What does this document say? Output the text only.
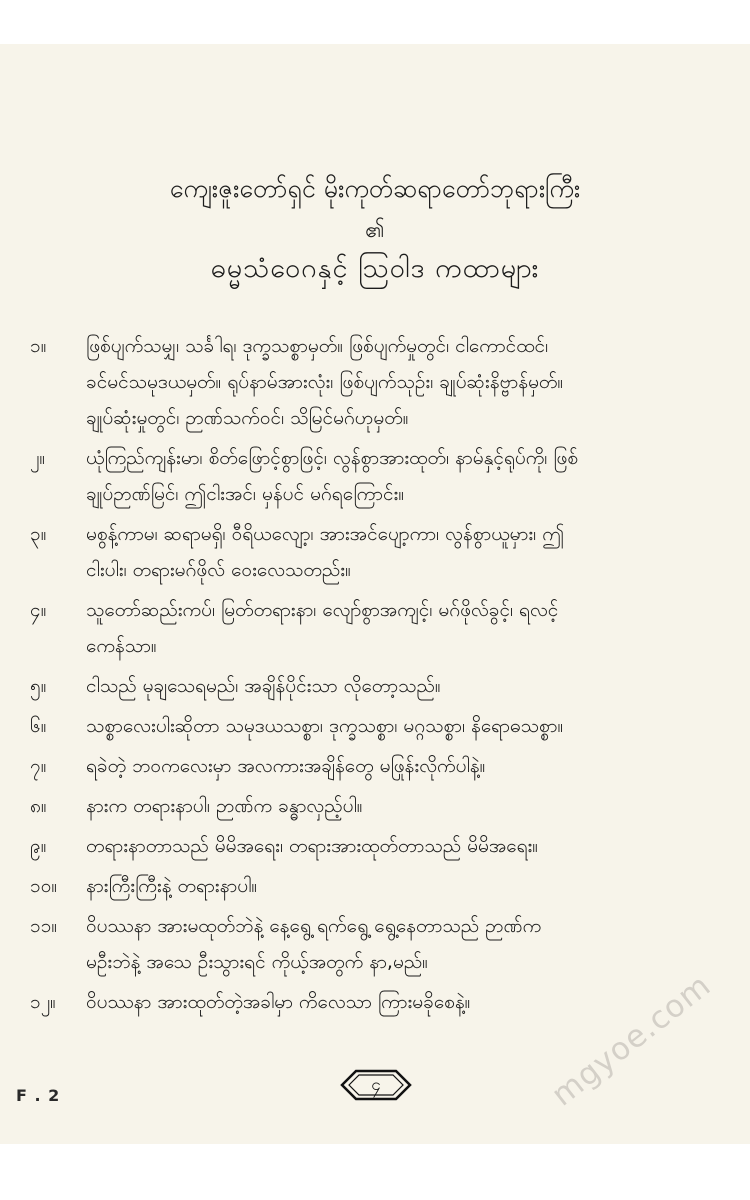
ကျေးဇူးတော်ရှင် မိုးကုတ်ဆရာတော်ဘုရားကြီး
၏
ဓမ္မသံဝေဂနှင့် ဩဝါဒ ကထာများ
၁။	ဖြစ်ပျက်သမျှ၊ သင်္ခါရ၊ ဒုက္ခသစ္စာမှတ်။ ဖြစ်ပျက်မှုတွင်၊ ငါကောင်ထင်၊
ခင်မင်သမုဒယမှတ်။ ရုပ်နာမ်အားလုံး၊ ဖြစ်ပျက်သုဉ်း၊ ချုပ်ဆုံးနိဗ္ဗာန်မှတ်။
ချုပ်ဆုံးမှုတွင်၊ ဉာဏ်သက်ဝင်၊ သိမြင်မဂ်ဟုမှတ်။
၂။	ယုံကြည်ကျန်းမာ၊ စိတ်ဖြောင့်စွာဖြင့်၊ လွန်စွာအားထုတ်၊ နာမ်နှင့်ရုပ်ကို၊ ဖြစ်
ချုပ်ဉာဏ်မြင်၊ ဤငါးအင်၊ မှန်ပင် မဂ်ရကြောင်း။
၃။	မစွန့်ကာမ၊ ဆရာမရှိ၊ ဝီရိယလျော့၊ အားအင်ပျော့ကာ၊ လွန်စွာယူမှား၊ ဤ
ငါးပါး၊ တရားမဂ်ဖိုလ် ဝေးလေသတည်း။
၄။	သူတော်ဆည်းကပ်၊ မြတ်တရားနာ၊ လျော်စွာအကျင့်၊ မဂ်ဖိုလ်ခွင့်၊ ရလင့်
ကေန်သာ။
၅။	ငါသည် မုချသေရမည်၊ အချိန်ပိုင်းသာ လိုတော့သည်။
၆။	သစ္စာလေးပါးဆိုတာ သမုဒယသစ္စာ၊ ဒုက္ခသစ္စာ၊ မဂ္ဂသစ္စာ၊ နိရောဓသစ္စာ။
၇။	ရခဲတဲ့ ဘဝကလေးမှာ အလကားအချိန်တွေ မဖြုန်းလိုက်ပါနဲ့။
၈။	နားက တရားနာပါ၊ ဉာဏ်က ခန္ဓာလှည့်ပါ။
၉။	တရားနာတာသည် မိမိအရေး၊ တရားအားထုတ်တာသည် မိမိအရေး။
၁၀။	နားကြီးကြီးနဲ့ တရားနာပါ။
၁၁။	ဝိပဿနာ အားမထုတ်ဘဲနဲ့ နေ့ရွေ့ ရက်ရွေ့ ရွေ့နေတာသည် ဉာဏ်က
မဦးဘဲနဲ့ အသေ ဦးသွားရင် ကိုယ့်အတွက် နာ,မည်။
၁၂။	ဝိပဿနာ အားထုတ်တဲ့အခါမှာ ကိလေသာ ကြားမခိုစေနဲ့။
F . 2
၄	mgyoe.com
